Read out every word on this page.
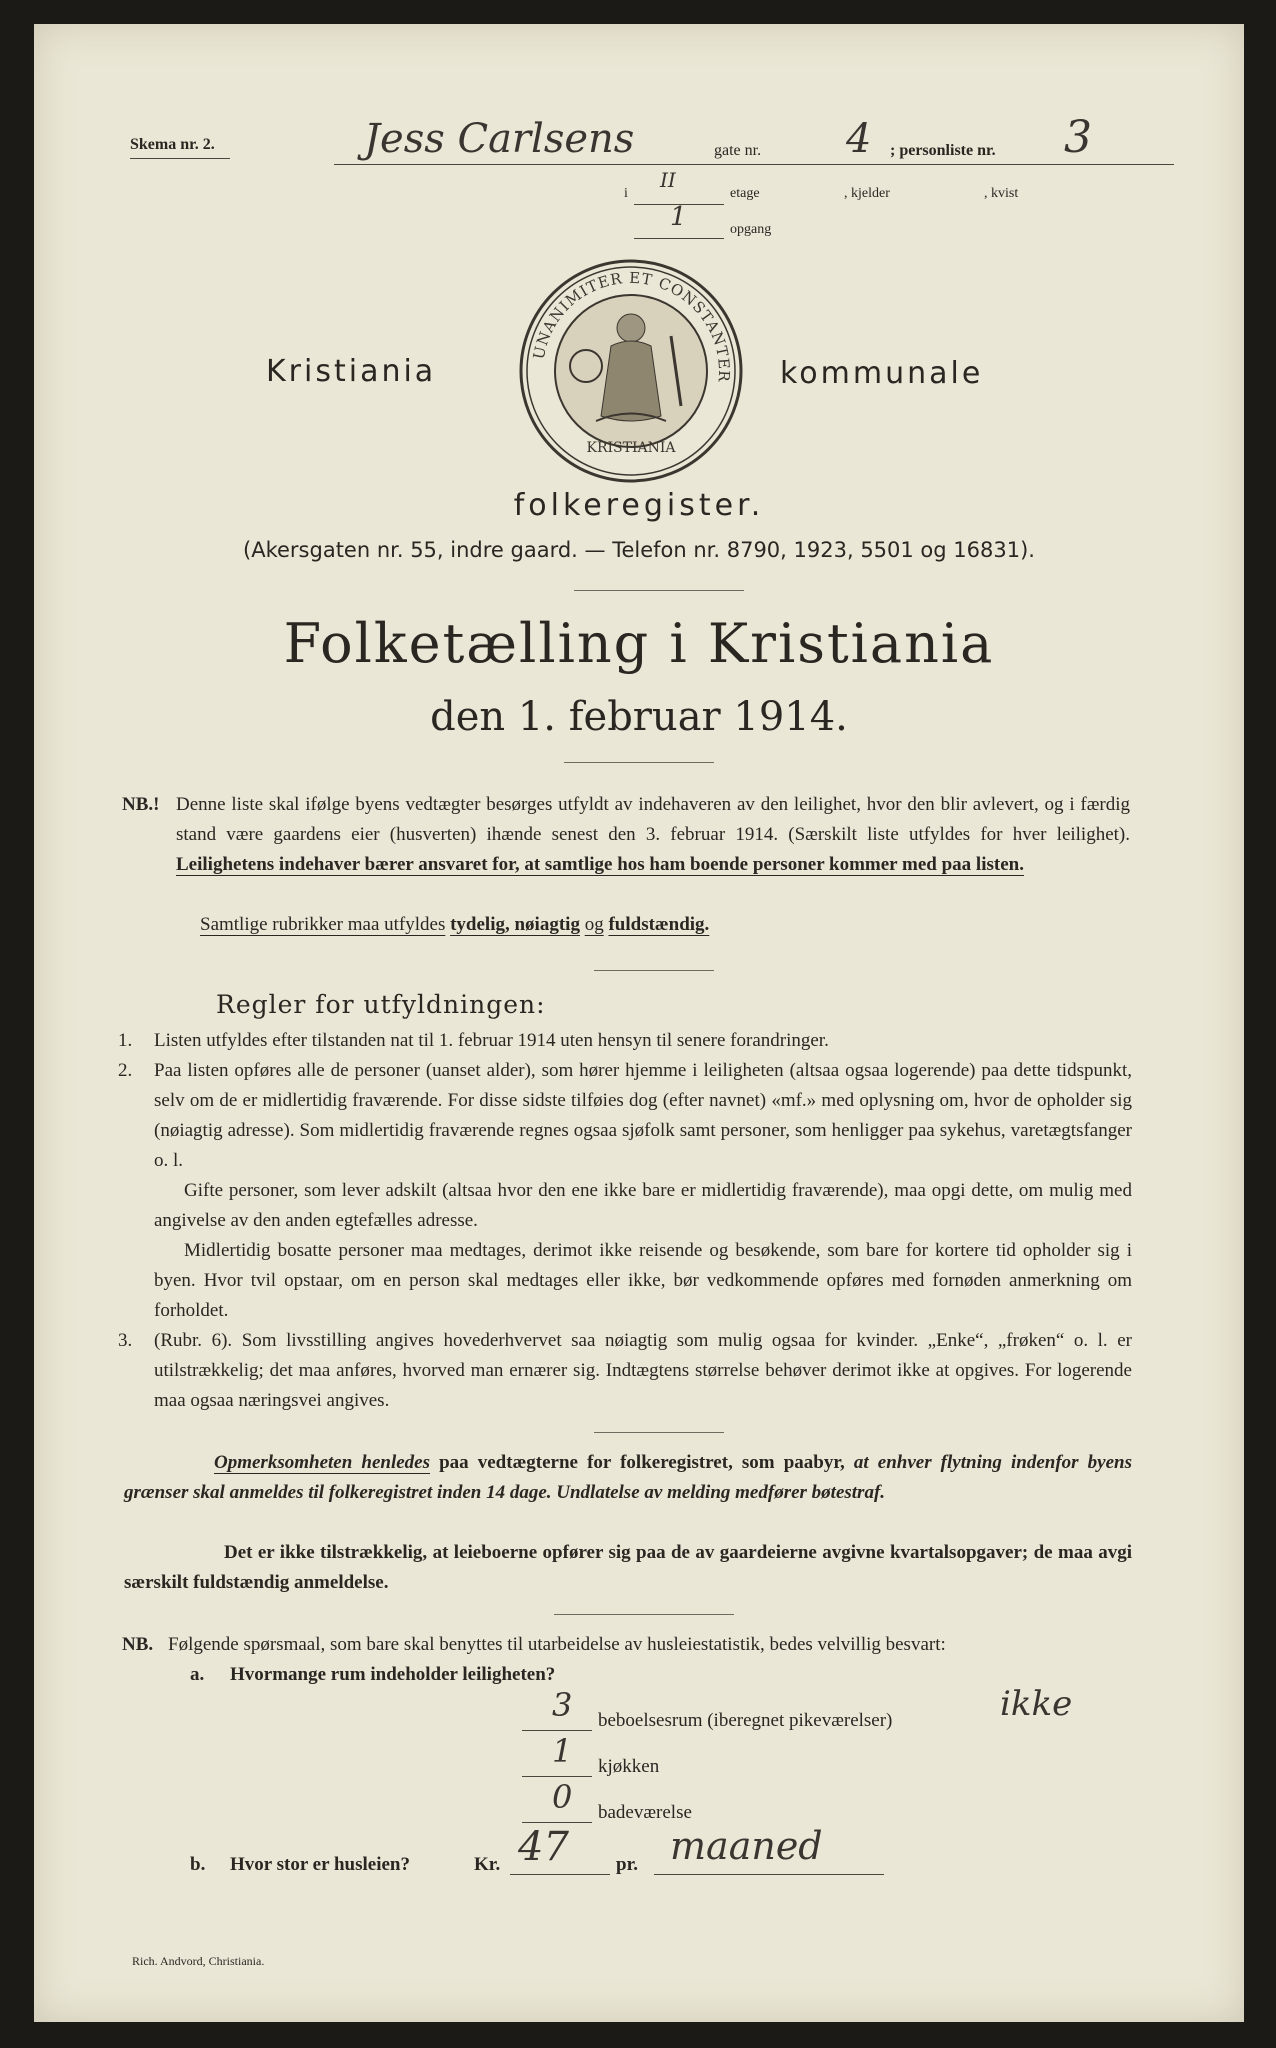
Skema nr. 2.	Jess Carlsens	gate nr. 4 ; personliste nr. 3
i
II
etage	, kjelder	, kvist
1	opgang
Kristiania	kommunale
UNANIMITER ET CONSTANTER
KRISTIANIA
folkeregister.
(Akersgaten nr. 55, indre gaard. — Telefon nr. 8790, 1923, 5501 og 16831).
Folketælling i Kristiania
den 1. februar 1914.
NB.! Denne liste skal ifølge byens vedtægter besørges utfyldt av indehaveren av den leilighet, hvor den blir avlevert, og i færdig stand være gaardens eier (husverten) ihænde senest den 3. februar 1914. (Særskilt liste utfyldes for hver leilighet). Leilighetens indehaver bærer ansvaret for, at samtlige hos ham boende personer kommer med paa listen.
Samtlige rubrikker maa utfyldes tydelig, nøiagtig og fuldstændig.
Regler for utfyldningen:
1. Listen utfyldes efter tilstanden nat til 1. februar 1914 uten hensyn til senere forandringer.
2. Paa listen opføres alle de personer (uanset alder), som hører hjemme i leiligheten (altsaa ogsaa logerende) paa dette tidspunkt, selv om de er midlertidig fraværende. For disse sidste tilføies dog (efter navnet) «mf.» med oplysning om, hvor de opholder sig (nøiagtig adresse). Som midlertidig fraværende regnes ogsaa sjøfolk samt personer, som henligger paa sykehus, varetægtsfanger o. l.
Gifte personer, som lever adskilt (altsaa hvor den ene ikke bare er midlertidig fraværende), maa opgi dette, om mulig med angivelse av den anden egtefælles adresse.
Midlertidig bosatte personer maa medtages, derimot ikke reisende og besøkende, som bare for kortere tid opholder sig i byen. Hvor tvil opstaar, om en person skal medtages eller ikke, bør vedkommende opføres med fornøden anmerkning om forholdet.
3. (Rubr. 6). Som livsstilling angives hovederhvervet saa nøiagtig som mulig ogsaa for kvinder. „Enke“, „frøken“ o. l. er utilstrækkelig; det maa anføres, hvorved man ernærer sig. Indtægtens størrelse behøver derimot ikke at opgives. For logerende maa ogsaa næringsvei angives.
Opmerksomheten henledes paa vedtægterne for folkeregistret, som paabyr, at enhver flytning indenfor byens grænser skal anmeldes til folkeregistret inden 14 dage. Undlatelse av melding medfører bøtestraf.
Det er ikke tilstrækkelig, at leieboerne opfører sig paa de av gaardeierne avgivne kvartalsopgaver; de maa avgi særskilt fuldstændig anmeldelse.
NB. Følgende spørsmaal, som bare skal benyttes til utarbeidelse av husleiestatistik, bedes velvillig besvart:
a. Hvormange rum indeholder leiligheten?
3 beboelsesrum (iberegnet pikeværelser)	ikke
1 kjøkken
0 badeværelse
b. Hvor stor er husleien?	Kr. 47 pr. maaned
Rich. Andvord, Christiania.
